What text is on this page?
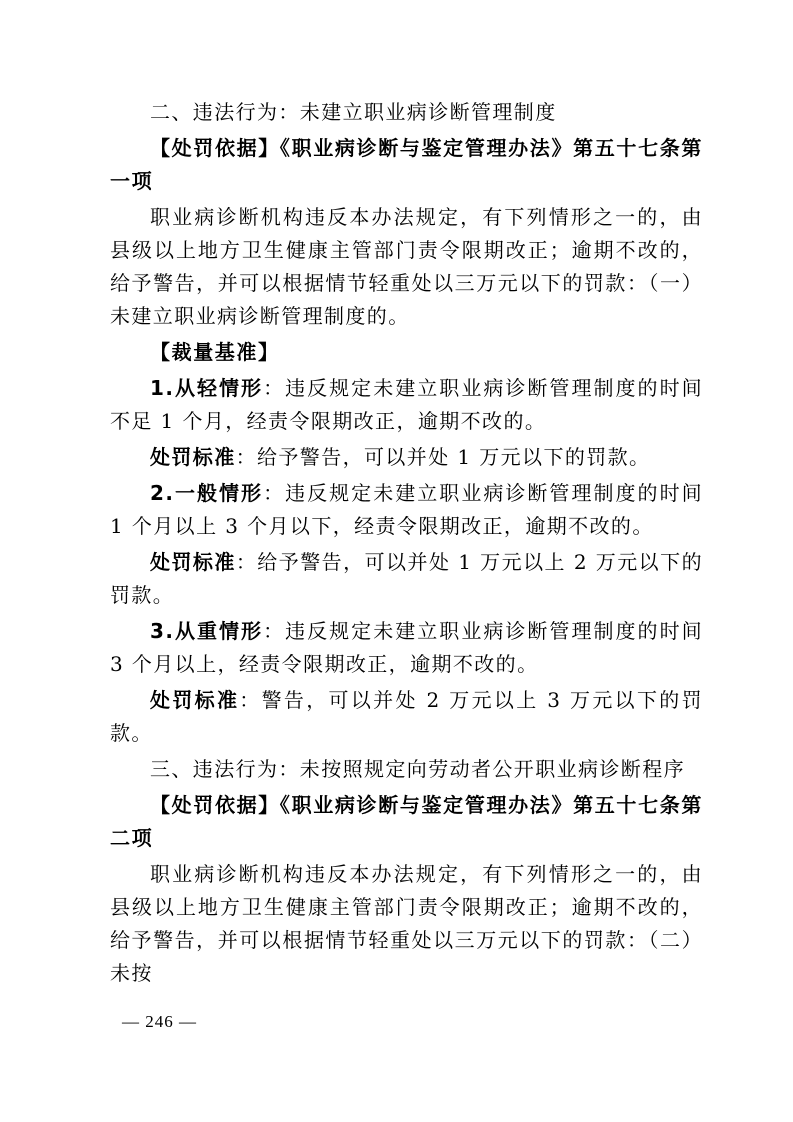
二、违法行为：未建立职业病诊断管理制度

【处罚依据】《职业病诊断与鉴定管理办法》第五十七条第一项

职业病诊断机构违反本办法规定，有下列情形之一的，由县级以上地方卫生健康主管部门责令限期改正；逾期不改的，给予警告，并可以根据情节轻重处以三万元以下的罚款：（一）未建立职业病诊断管理制度的。

【裁量基准】

1.从轻情形：违反规定未建立职业病诊断管理制度的时间不足 1 个月，经责令限期改正，逾期不改的。

处罚标准：给予警告，可以并处 1 万元以下的罚款。

2.一般情形：违反规定未建立职业病诊断管理制度的时间 1 个月以上 3 个月以下，经责令限期改正，逾期不改的。

处罚标准：给予警告，可以并处 1 万元以上 2 万元以下的罚款。

3.从重情形：违反规定未建立职业病诊断管理制度的时间 3 个月以上，经责令限期改正，逾期不改的。

处罚标准：警告，可以并处 2 万元以上 3 万元以下的罚款。

三、违法行为：未按照规定向劳动者公开职业病诊断程序

【处罚依据】《职业病诊断与鉴定管理办法》第五十七条第二项

职业病诊断机构违反本办法规定，有下列情形之一的，由县级以上地方卫生健康主管部门责令限期改正；逾期不改的，给予警告，并可以根据情节轻重处以三万元以下的罚款：（二）未按

— 246 —
